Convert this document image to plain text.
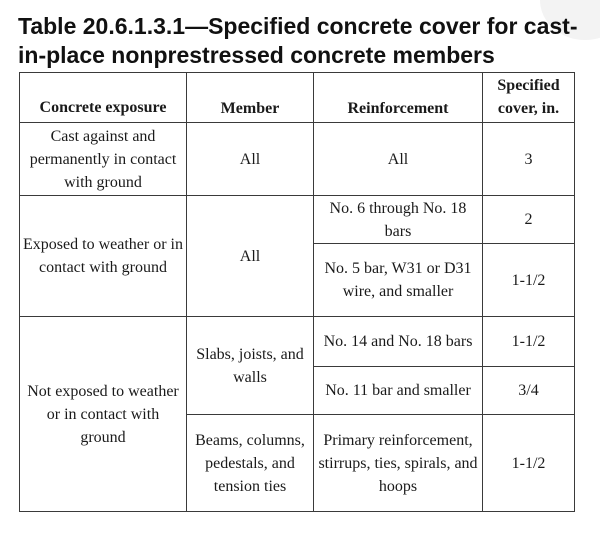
Table 20.6.1.3.1—Specified concrete cover for cast-in-place nonprestressed concrete members
Concrete exposure	Member	Reinforcement	Specified cover, in.
Cast against and permanently in contact with ground	All	All	3
Exposed to weather or in contact with ground	All	No. 6 through No. 18 bars	2
		No. 5 bar, W31 or D31 wire, and smaller	1-1/2
Not exposed to weather or in contact with ground	Slabs, joists, and walls	No. 14 and No. 18 bars	1-1/2
		No. 11 bar and smaller	3/4
	Beams, columns, pedestals, and tension ties	Primary reinforcement, stirrups, ties, spirals, and hoops	1-1/2
